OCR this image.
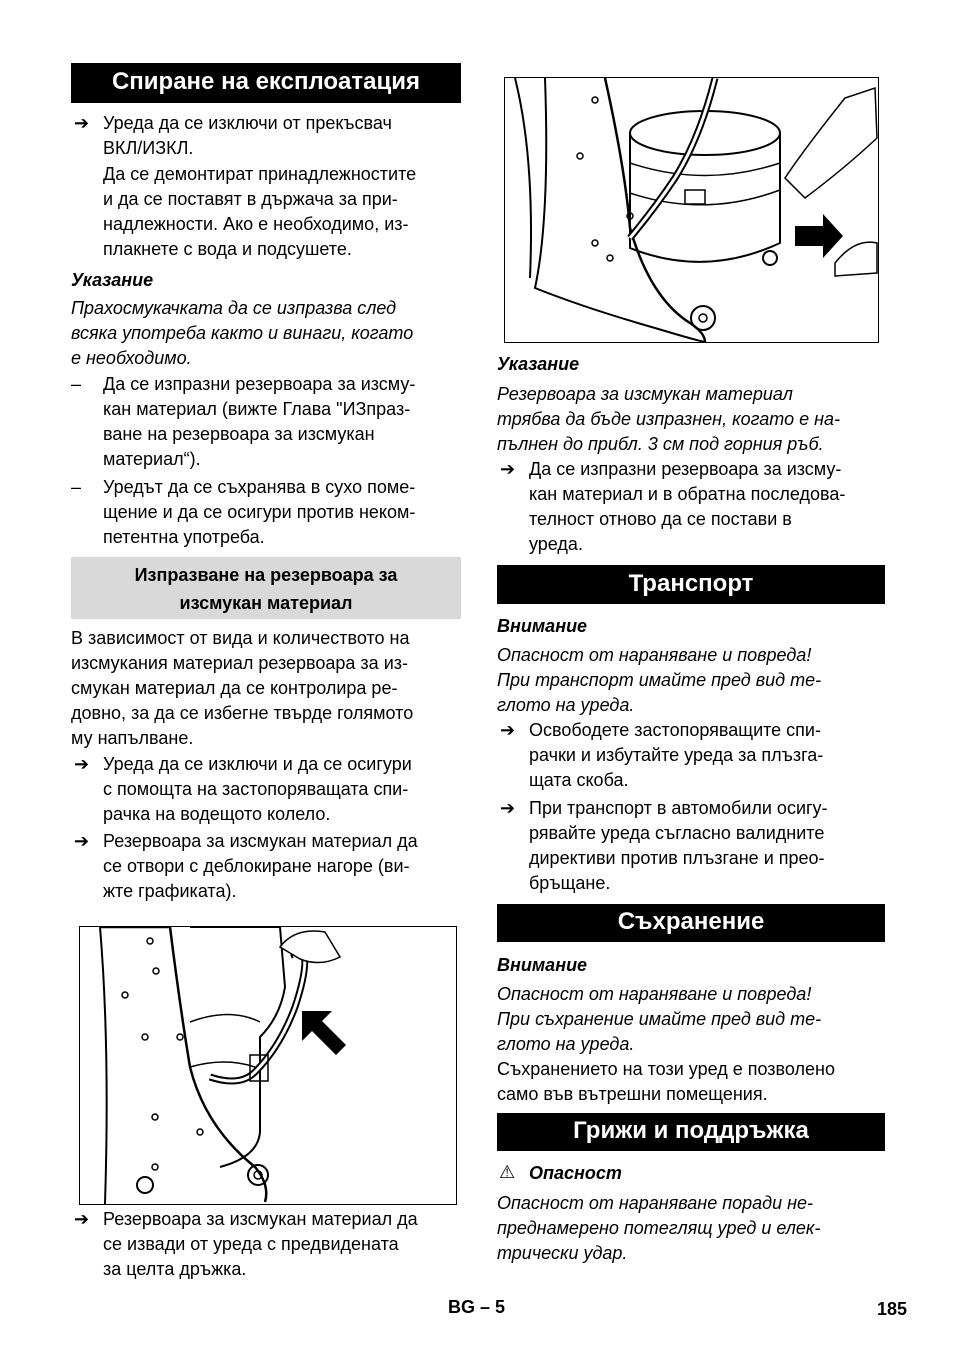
Спиране на експлоатация
➔ Уреда да се изключи от прекъсвач
ВКЛ/ИЗКЛ.
Да се демонтират принадлежностите
и да се поставят в държача за при-
надлежности. Ако е необходимо, из-
плакнете с вода и подсушете.
Указание
Прахосмукачката да се изпразва след
всяка употреба както и винаги, когато
е необходимо.
– Да се изпразни резервоара за изсму-
кан материал (вижте Глава "ИЗпраз-
ване на резервоара за изсмукан
материал“).
– Уредът да се съхранява в сухо поме-
щение и да се осигури против неком-
петентна употреба.
Изпразване на резервоара за
изсмукан материал
В зависимост от вида и количеството на
изсмукания материал резервоара за из-
смукан материал да се контролира ре-
довно, за да се избегне твърде голямото
му напълване.
➔ Уреда да се изключи и да се осигури
с помощта на застопоряващата спи-
рачка на водещото колело.
➔ Резервоара за изсмукан материал да
се отвори с деблокиране нагоре (ви-
жте графиката).
➔ Резервоара за изсмукан материал да
се извади от уреда с предвидената
за целта дръжка.
Указание
Резервоара за изсмукан материал
трябва да бъде изпразнен, когато е на-
пълнен до прибл. 3 см под горния ръб.
➔ Да се изпразни резервоара за изсму-
кан материал и в обратна последова-
телност отново да се постави в
уреда.
Транспорт
Внимание
Опасност от нараняване и повреда!
При транспорт имайте пред вид те-
глото на уреда.
➔ Освободете застопоряващите спи-
рачки и избутайте уреда за плъзга-
щата скоба.
➔ При транспорт в автомобили осигу-
рявайте уреда съгласно валидните
директиви против плъзгане и прео-
бръщане.
Съхранение
Внимание
Опасност от нараняване и повреда!
При съхранение имайте пред вид те-
глото на уреда.
Съхранението на този уред е позволено
само във вътрешни помещения.
Грижи и поддръжка
⚠ Опасност
Опасност от нараняване поради не-
преднамерено потеглящ уред и елек-
трически удар.
BG – 5	185
